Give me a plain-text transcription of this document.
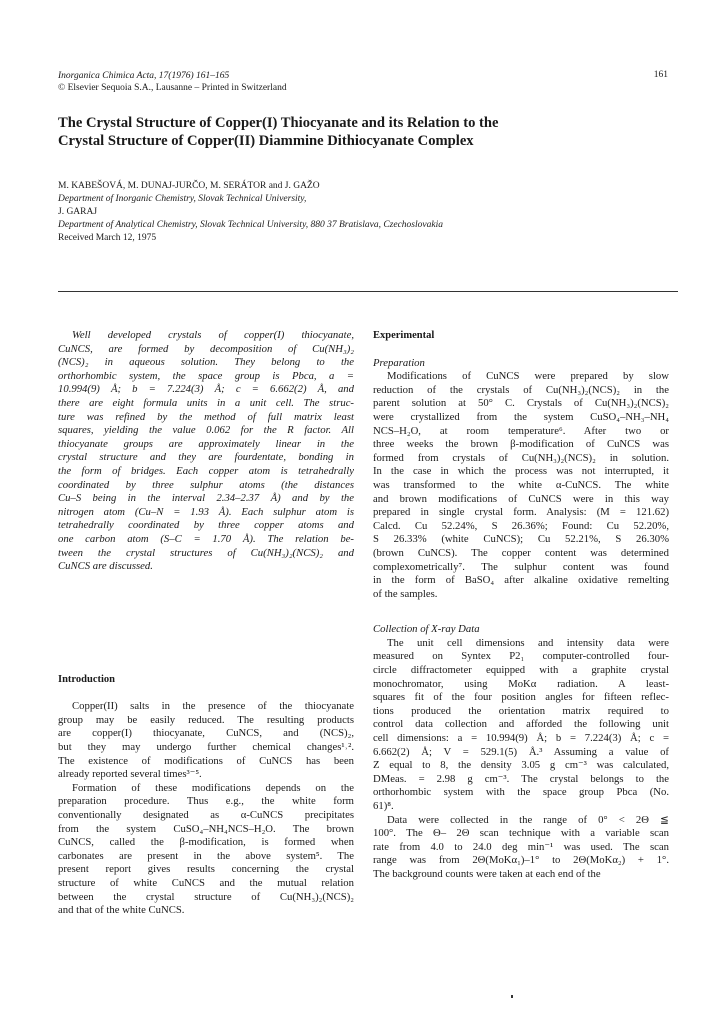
Inorganica Chimica Acta, 17(1976) 161–165
© Elsevier Sequoia S.A., Lausanne – Printed in Switzerland
161
The Crystal Structure of Copper(I) Thiocyanate and its Relation to the
Crystal Structure of Copper(II) Diammine Dithiocyanate Complex
M. KABEŠOVÁ, M. DUNAJ-JURČO, M. SERÁTOR and J. GAŽO
Department of Inorganic Chemistry, Slovak Technical University,
J. GARAJ
Department of Analytical Chemistry, Slovak Technical University, 880 37 Bratislava, Czechoslovakia
Received March 12, 1975
Well developed crystals of copper(I) thiocyanate,
CuNCS, are formed by decomposition of Cu(NH₃)₂
(NCS)₂ in aqueous solution. They belong to the
orthorhombic system, the space group is Pbca, a =
10.994(9) Å; b = 7.224(3) Å; c = 6.662(2) Å, and
there are eight formula units in a unit cell. The struc-
ture was refined by the method of full matrix least
squares, yielding the value 0.062 for the R factor. All
thiocyanate groups are approximately linear in the
crystal structure and they are fourdentate, bonding in
the form of bridges. Each copper atom is tetrahedrally
coordinated by three sulphur atoms (the distances
Cu–S being in the interval 2.34–2.37 Å) and by the
nitrogen atom (Cu–N = 1.93 Å). Each sulphur atom is
tetrahedrally coordinated by three copper atoms and
one carbon atom (S–C = 1.70 Å). The relation be-
tween the crystal structures of Cu(NH₃)₂(NCS)₂ and
CuNCS are discussed.
Introduction
Copper(II) salts in the presence of the thiocyanate
group may be easily reduced. The resulting products
are copper(I) thiocyanate, CuNCS, and (NCS)₂,
but they may undergo further chemical changes¹˒².
The existence of modifications of CuNCS has been
already reported several times³⁻⁵.
Formation of these modifications depends on the
preparation procedure. Thus e.g., the white form
conventionally designated as α-CuNCS precipitates
from the system CuSO₄–NH₄NCS–H₂O. The brown
CuNCS, called the β-modification, is formed when
carbonates are present in the above system⁵. The
present report gives results concerning the crystal
structure of white CuNCS and the mutual relation
between the crystal structure of Cu(NH₃)₂(NCS)₂
and that of the white CuNCS.
Experimental
Preparation
Modifications of CuNCS were prepared by slow
reduction of the crystals of Cu(NH₃)₂(NCS)₂ in the
parent solution at 50° C. Crystals of Cu(NH₃)₂(NCS)₂
were crystallized from the system CuSO₄–NH₃–NH₄
NCS–H₂O, at room temperature⁶. After two or
three weeks the brown β-modification of CuNCS was
formed from crystals of Cu(NH₃)₂(NCS)₂ in solution.
In the case in which the process was not interrupted, it
was transformed to the white α-CuNCS. The white
and brown modifications of CuNCS were in this way
prepared in single crystal form. Analysis: (M = 121.62)
Calcd. Cu 52.24%, S 26.36%; Found: Cu 52.20%,
S 26.33% (white CuNCS); Cu 52.21%, S 26.30%
(brown CuNCS). The copper content was determined
complexometrically⁷. The sulphur content was found
in the form of BaSO₄ after alkaline oxidative remelting
of the samples.
Collection of X-ray Data
The unit cell dimensions and intensity data were
measured on Syntex P2₁ computer-controlled four-
circle diffractometer equipped with a graphite crystal
monochromator, using MoKα radiation. A least-
squares fit of the four position angles for fifteen reflec-
tions produced the orientation matrix required to
control data collection and afforded the following unit
cell dimensions: a = 10.994(9) Å; b = 7.224(3) Å; c =
6.662(2) Å; V = 529.1(5) Å.³ Assuming a value of
Z equal to 8, the density 3.05 g cm⁻³ was calculated,
DMeas. = 2.98 g cm⁻³. The crystal belongs to the
orthorhombic system with the space group Pbca (No.
61)⁸.
Data were collected in the range of 0° < 2Θ ≦
100°. The Θ– 2Θ scan technique with a variable scan
rate from 4.0 to 24.0 deg min⁻¹ was used. The scan
range was from 2Θ(MoKα₁)–1° to 2Θ(MoKα₂) + 1°.
The background counts were taken at each end of the
